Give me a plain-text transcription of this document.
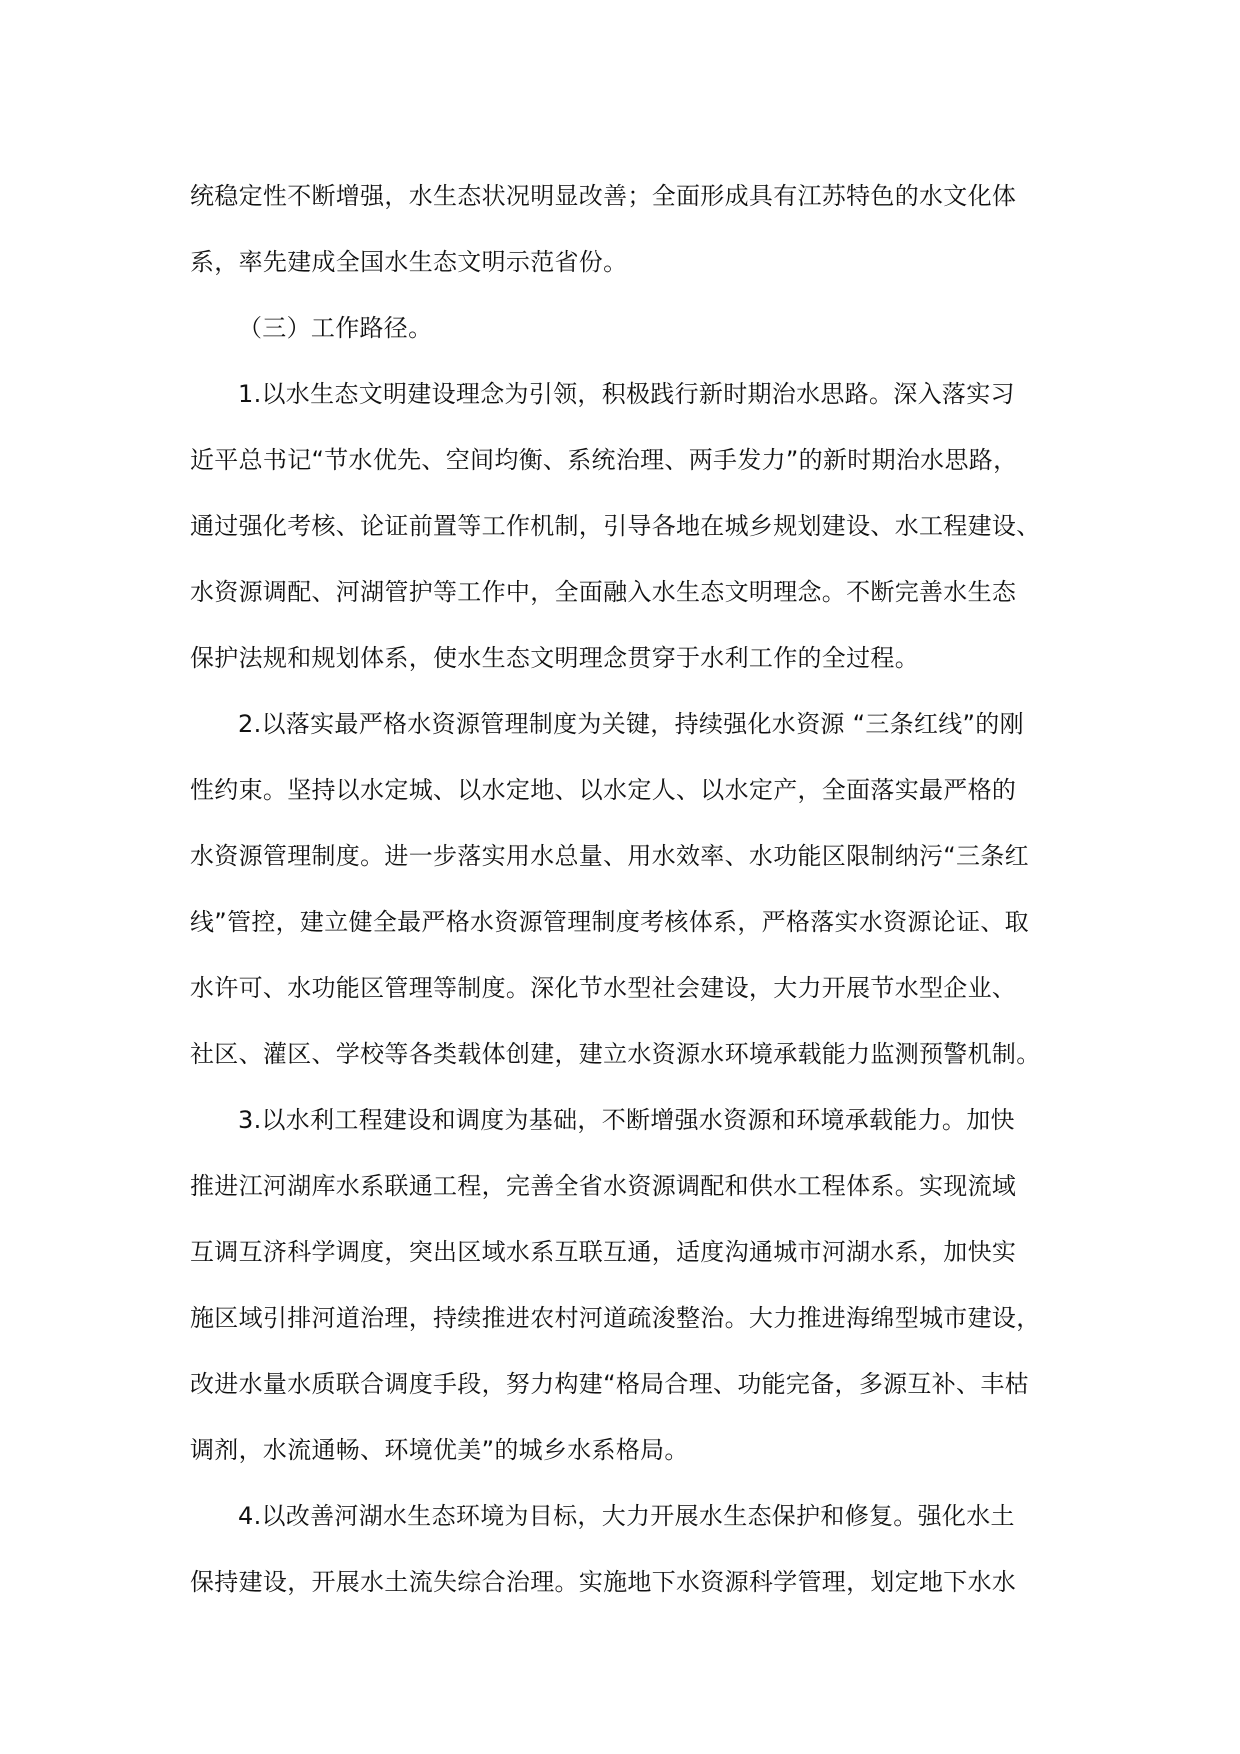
统稳定性不断增强，水生态状况明显改善；全面形成具有江苏特色的水文化体
系，率先建成全国水生态文明示范省份。
（三）工作路径。
1.以水生态文明建设理念为引领，积极践行新时期治水思路。深入落实习
近平总书记“节水优先、空间均衡、系统治理、两手发力”的新时期治水思路，
通过强化考核、论证前置等工作机制，引导各地在城乡规划建设、水工程建设、
水资源调配、河湖管护等工作中，全面融入水生态文明理念。不断完善水生态
保护法规和规划体系，使水生态文明理念贯穿于水利工作的全过程。
2.以落实最严格水资源管理制度为关键，持续强化水资源 “三条红线”的刚
性约束。坚持以水定城、以水定地、以水定人、以水定产，全面落实最严格的
水资源管理制度。进一步落实用水总量、用水效率、水功能区限制纳污“三条红
线”管控，建立健全最严格水资源管理制度考核体系，严格落实水资源论证、取
水许可、水功能区管理等制度。深化节水型社会建设，大力开展节水型企业、
社区、灌区、学校等各类载体创建，建立水资源水环境承载能力监测预警机制。
3.以水利工程建设和调度为基础，不断增强水资源和环境承载能力。加快
推进江河湖库水系联通工程，完善全省水资源调配和供水工程体系。实现流域
互调互济科学调度，突出区域水系互联互通，适度沟通城市河湖水系，加快实
施区域引排河道治理，持续推进农村河道疏浚整治。大力推进海绵型城市建设，
改进水量水质联合调度手段，努力构建“格局合理、功能完备，多源互补、丰枯
调剂，水流通畅、环境优美”的城乡水系格局。
4.以改善河湖水生态环境为目标，大力开展水生态保护和修复。强化水土
保持建设，开展水土流失综合治理。实施地下水资源科学管理，划定地下水水
